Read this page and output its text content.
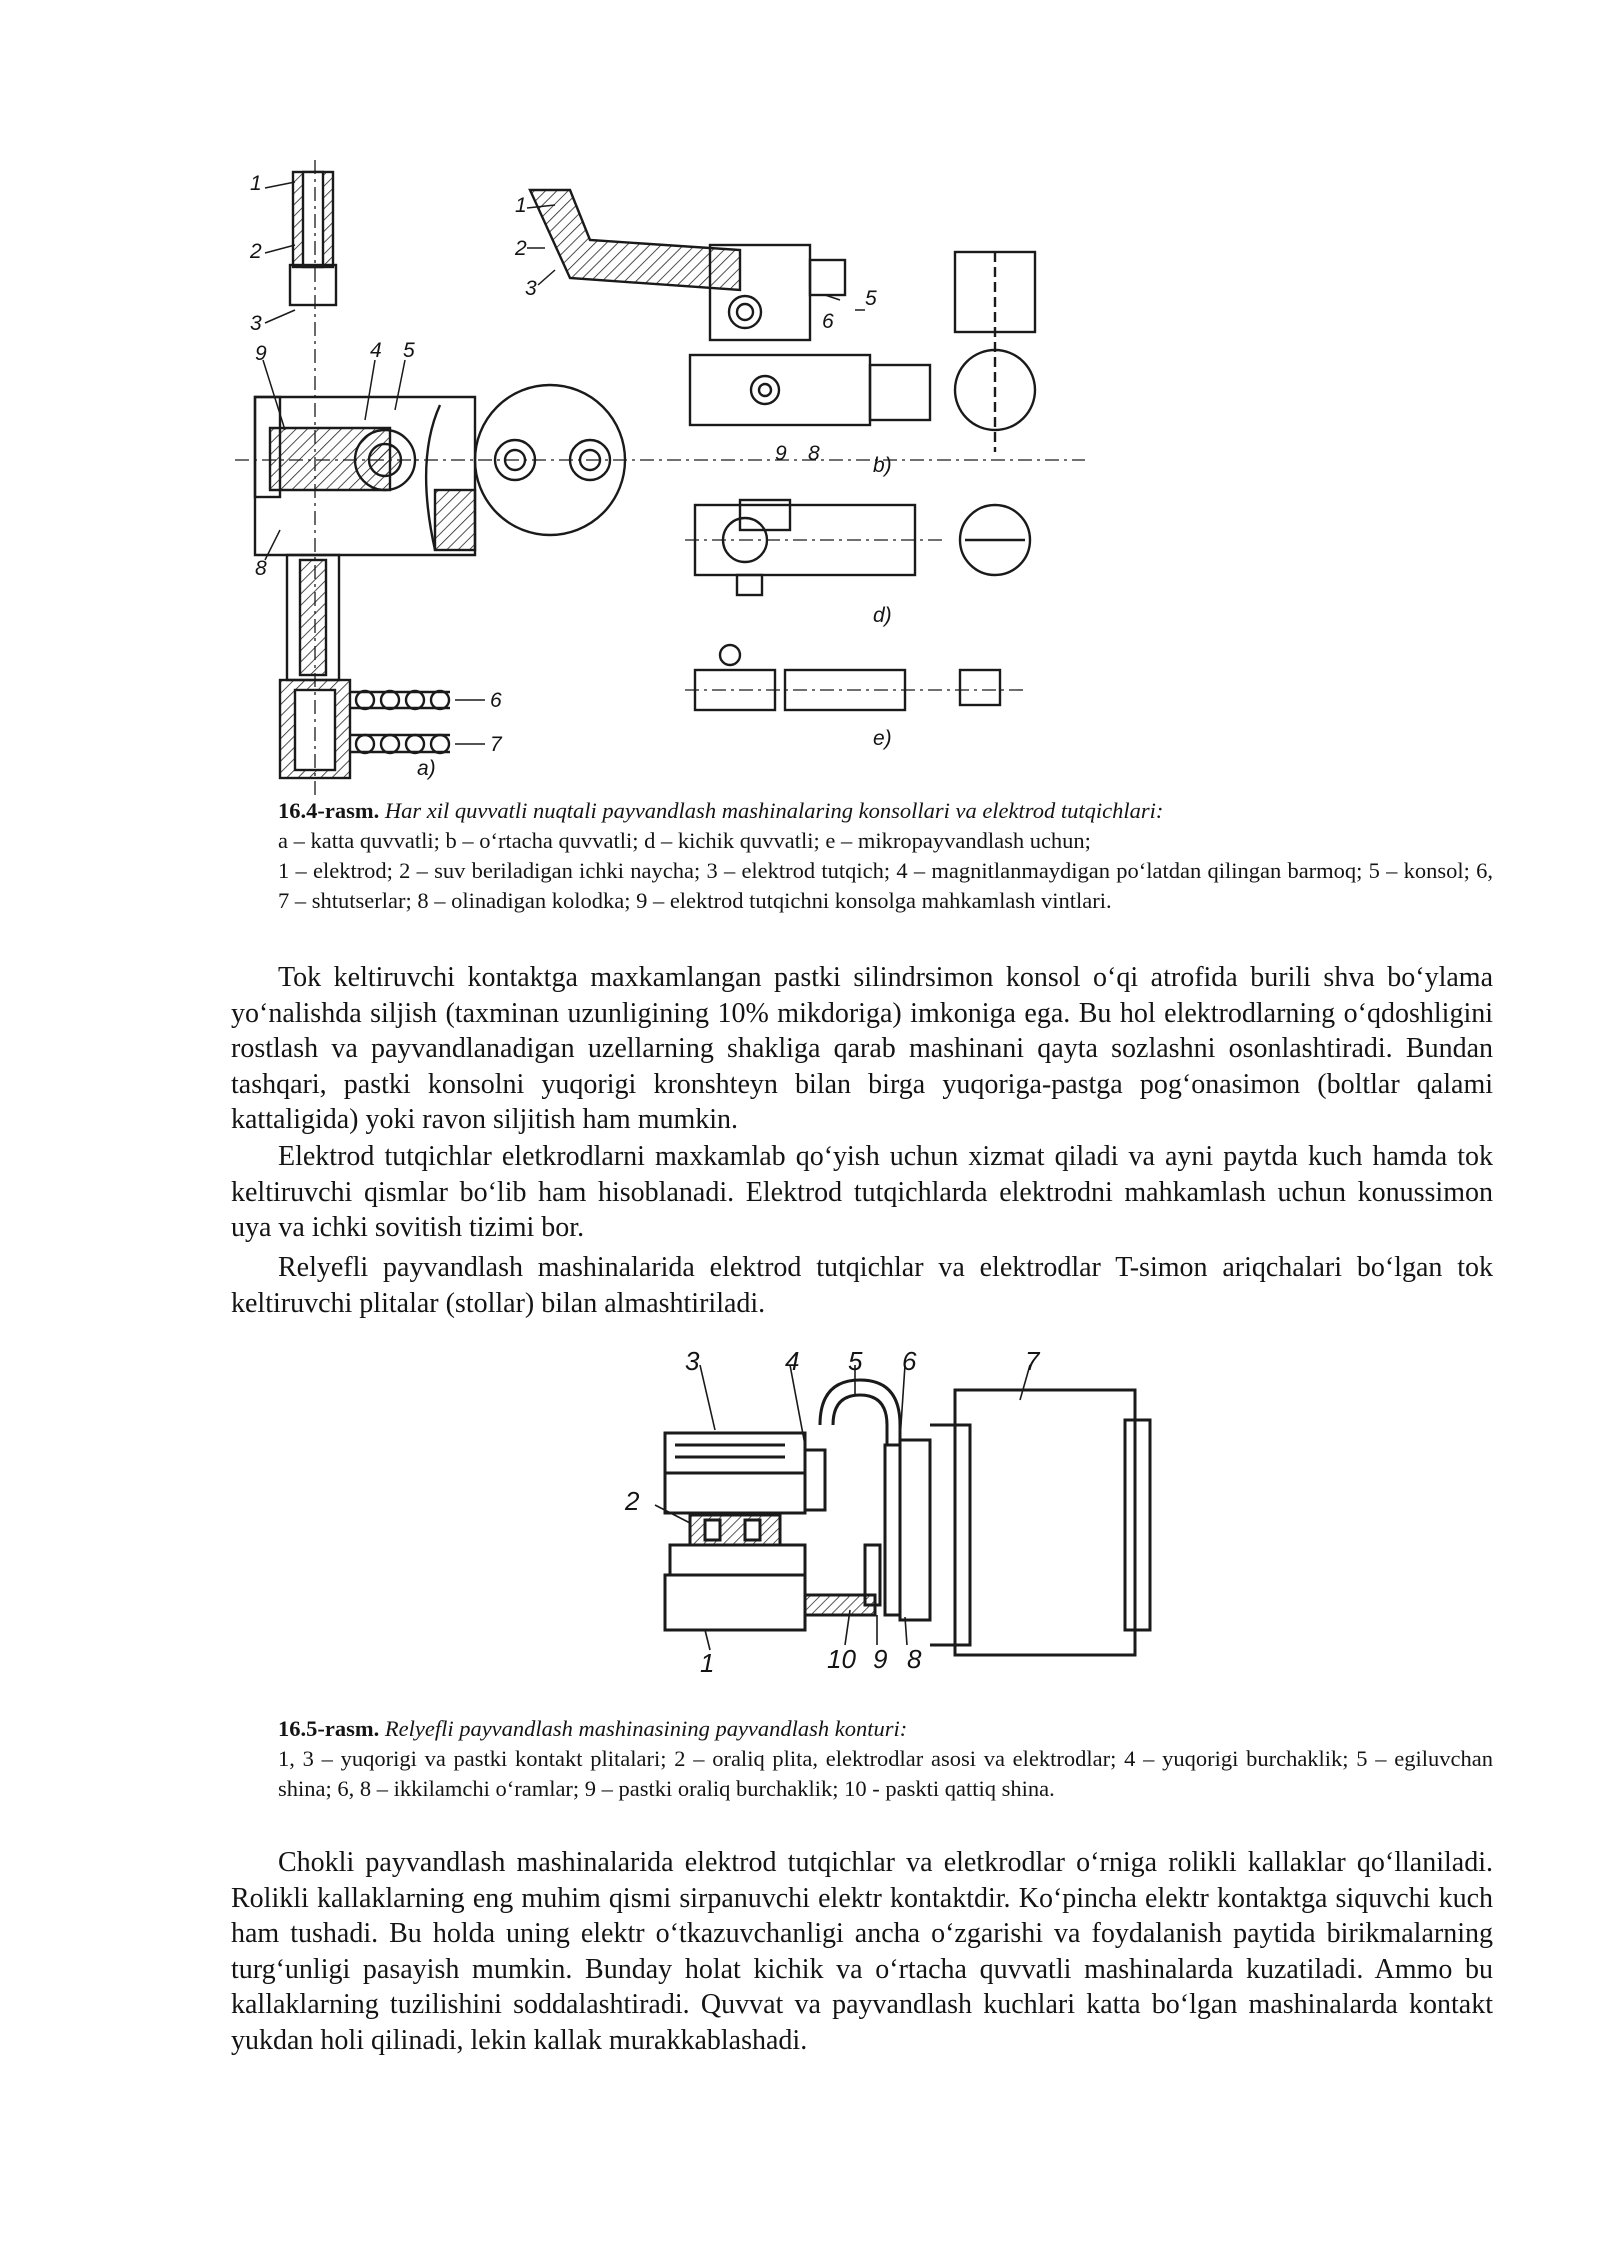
1
2
3
9	4 5
8
6
7
1
2
3
6
5
9 8
a)
b)
d)
e)
16.4-rasm. Har xil quvvatli nuqtali payvandlash mashinalaring konsollari va elektrod tutqichlari:
a – katta quvvatli; b – o‘rtacha quvvatli; d – kichik quvvatli; e – mikropayvandlash uchun;
1 – elektrod; 2 – suv beriladigan ichki naycha; 3 – elektrod tutqich; 4 – magnitlanmaydigan po‘latdan qilingan barmoq; 5 – konsol; 6, 7 – shtutserlar; 8 – olinadigan kolodka; 9 – elektrod tutqichni konsolga mahkamlash vintlari.

Tok keltiruvchi kontaktga maxkamlangan pastki silindrsimon konsol o‘qi atrofida burili shva bo‘ylama yo‘nalishda siljish (taxminan uzunligining 10% mikdoriga) imkoniga ega. Bu hol elektrodlarning o‘qdoshligini rostlash va payvandlanadigan uzellarning shakliga qarab mashinani qayta sozlashni osonlashtiradi. Bundan tashqari, pastki konsolni yuqorigi kronshteyn bilan birga yuqoriga-pastga pog‘onasimon (boltlar qalami kattaligida) yoki ravon siljitish ham mumkin.

Elektrod tutqichlar eletkrodlarni maxkamlab qo‘yish uchun xizmat qiladi va ayni paytda kuch hamda tok keltiruvchi qismlar bo‘lib ham hisoblanadi. Elektrod tutqichlarda elektrodni mahkamlash uchun konussimon uya va ichki sovitish tizimi bor.

Relyefli payvandlash mashinalarida elektrod tutqichlar va elektrodlar T-simon ariqchalari bo‘lgan tok keltiruvchi plitalar (stollar) bilan almashtiriladi.

3	4 5 6	7
2
1	10 9 8
16.5-rasm. Relyefli payvandlash mashinasining payvandlash konturi:
1, 3 – yuqorigi va pastki kontakt plitalari; 2 – oraliq plita, elektrodlar asosi va elektrodlar; 4 – yuqorigi burchaklik; 5 – egiluvchan shina; 6, 8 – ikkilamchi o‘ramlar; 9 – pastki oraliq burchaklik; 10 - paskti qattiq shina.

Chokli payvandlash mashinalarida elektrod tutqichlar va eletkrodlar o‘rniga rolikli kallaklar qo‘llaniladi. Rolikli kallaklarning eng muhim qismi sirpanuvchi elektr kontaktdir. Ko‘pincha elektr kontaktga siquvchi kuch ham tushadi. Bu holda uning elektr o‘tkazuvchanligi ancha o‘zgarishi va foydalanish paytida birikmalarning turg‘unligi pasayish mumkin. Bunday holat kichik va o‘rtacha quvvatli mashinalarda kuzatiladi. Ammo bu kallaklarning tuzilishini soddalashtiradi. Quvvat va payvandlash kuchlari katta bo‘lgan mashinalarda kontakt yukdan holi qilinadi, lekin kallak murakkablashadi.
